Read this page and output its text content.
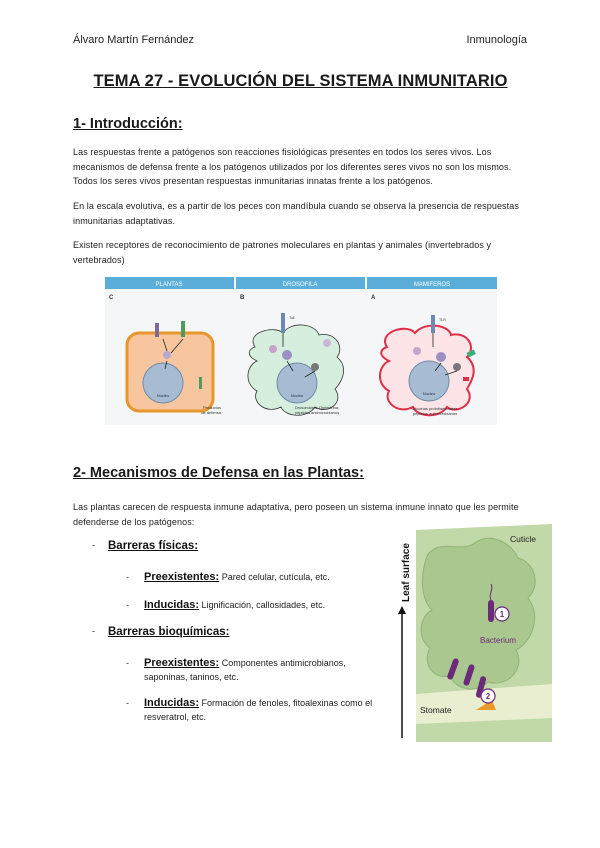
Álvaro Martín Fernández	Inmunología
TEMA 27 - EVOLUCIÓN DEL SISTEMA INMUNITARIO
1- Introducción:
Las respuestas frente a patógenos son reacciones fisiológicas presentes en todos los seres vivos. Los mecanismos de defensa frente a los patógenos utilizados por los diferentes seres vivos no son los mismos. Todos los seres vivos presentan respuestas inmunitarias innatas frente a los patógenos.
En la escala evolutiva, es a partir de los peces con mandíbula cuando se observa la presencia de respuestas inmunitarias adaptativas.
Existen receptores de reconocimiento de patrones moleculares en plantas y animales (invertebrados y vertebrados)
PLANTAS	DROSOFILA	MAMIFEROS
C	B	A
Núcleo
Productos
de defensa
Núcleo
Toll
Drosomicina, Diptericina,
péptidos antimicrobianos
Núcleo
TLR
Citocinas proinflamatorias,
péptidos antimicrobianos
2- Mecanismos de Defensa en las Plantas:
Las plantas carecen de respuesta inmune adaptativa, pero poseen un sistema inmune innato que les permite defenderse de los patógenos:
- Barreras físicas:
- Preexistentes: Pared celular, cutícula, etc.
- Inducidas: Lignificación, callosidades, etc.
- Barreras bioquímicas:
- Preexistentes: Componentes antimicrobianos, saponinas, taninos, etc.
- Inducidas: Formación de fenoles, fitoalexinas como el resveratrol, etc.
Leaf surface
Cuticle
1
Bacterium
2
Stomate
